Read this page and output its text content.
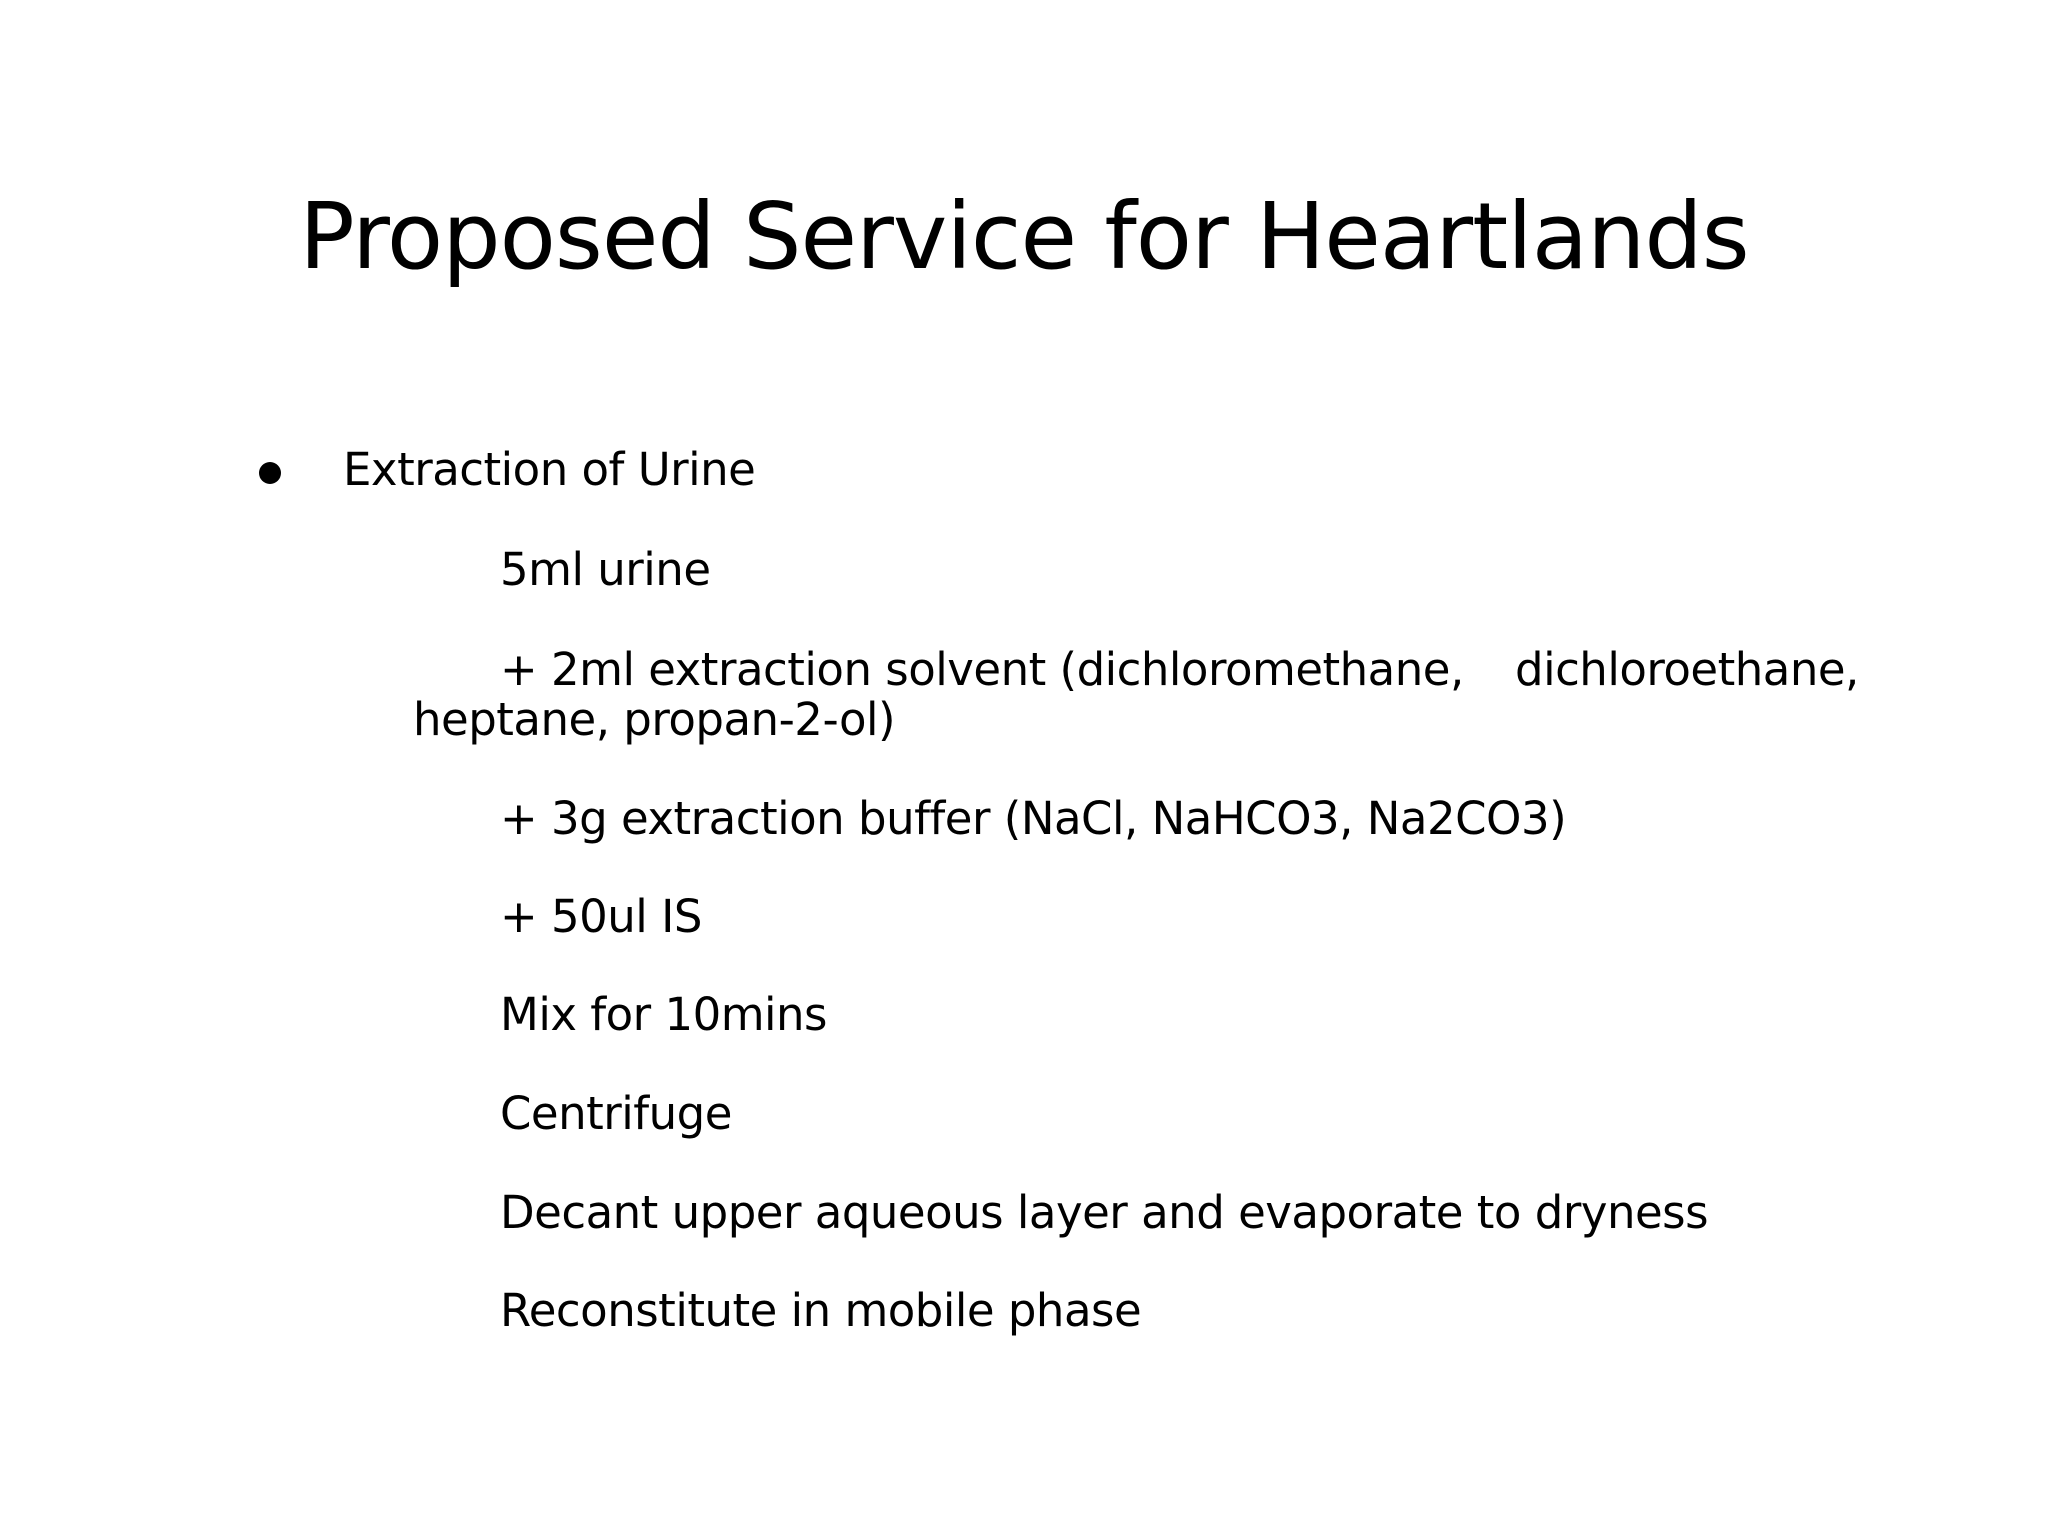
Proposed Service for Heartlands
Extraction of Urine
5ml urine
+ 2ml extraction solvent (dichloromethane, dichloroethane,
heptane, propan-2-ol)
+ 3g extraction buffer (NaCl, NaHCO3, Na2CO3)
+ 50ul IS
Mix for 10mins
Centrifuge
Decant upper aqueous layer and evaporate to dryness
Reconstitute in mobile phase
